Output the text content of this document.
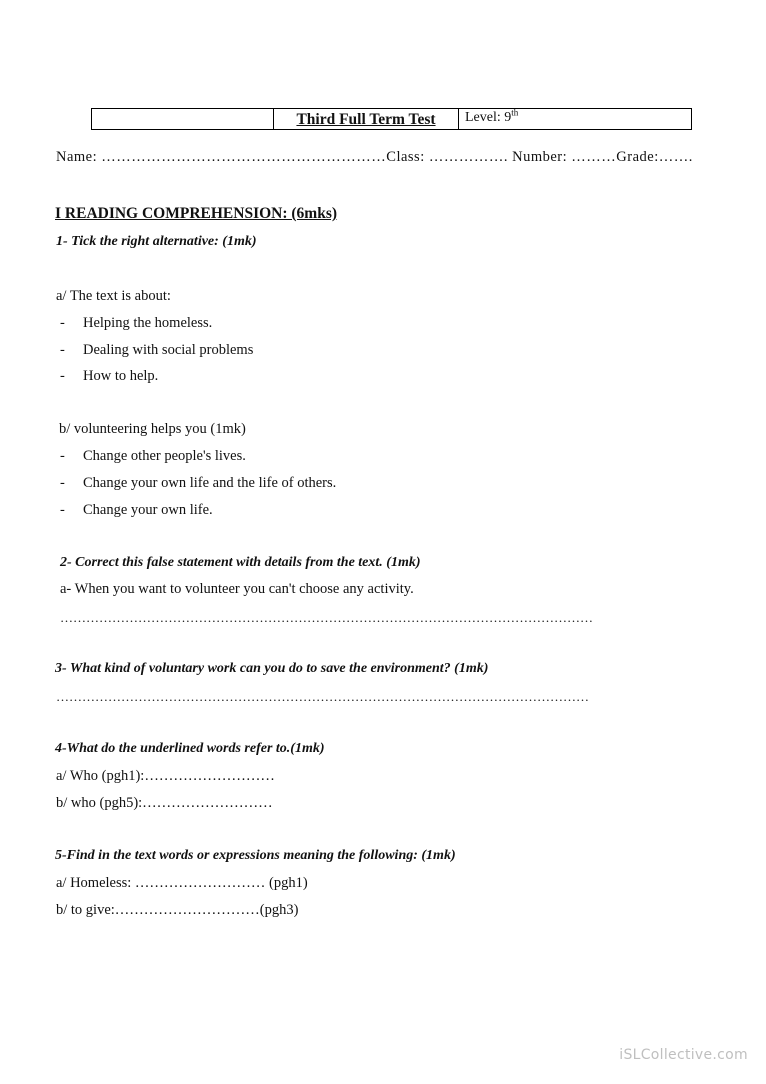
Third Full Term Test Level: 9th
Name: …………………………………………………Class: ……………. Number: ………Grade:…….
I READING COMPREHENSION: (6mks)
1- Tick the right alternative: (1mk)
a/ The text is about:
- Helping the homeless.
- Dealing with social problems
- How to help.
b/ volunteering helps you (1mk)
- Change other people's lives.
- Change your own life and the life of others.
- Change your own life.
2- Correct this false statement with details from the text. (1mk)
a- When you want to volunteer you can't choose any activity.
……………………………………………………………………………………………………………
3- What kind of voluntary work can you do to save the environment? (1mk)
……………………………………………………………………………………………………………
4-What do the underlined words refer to.(1mk)
a/ Who (pgh1):………………………
b/ who (pgh5):………………………
5-Find in the text words or expressions meaning the following: (1mk)
a/ Homeless: ……………………… (pgh1)
b/ to give:…………………………(pgh3)
iSLCollective.com
